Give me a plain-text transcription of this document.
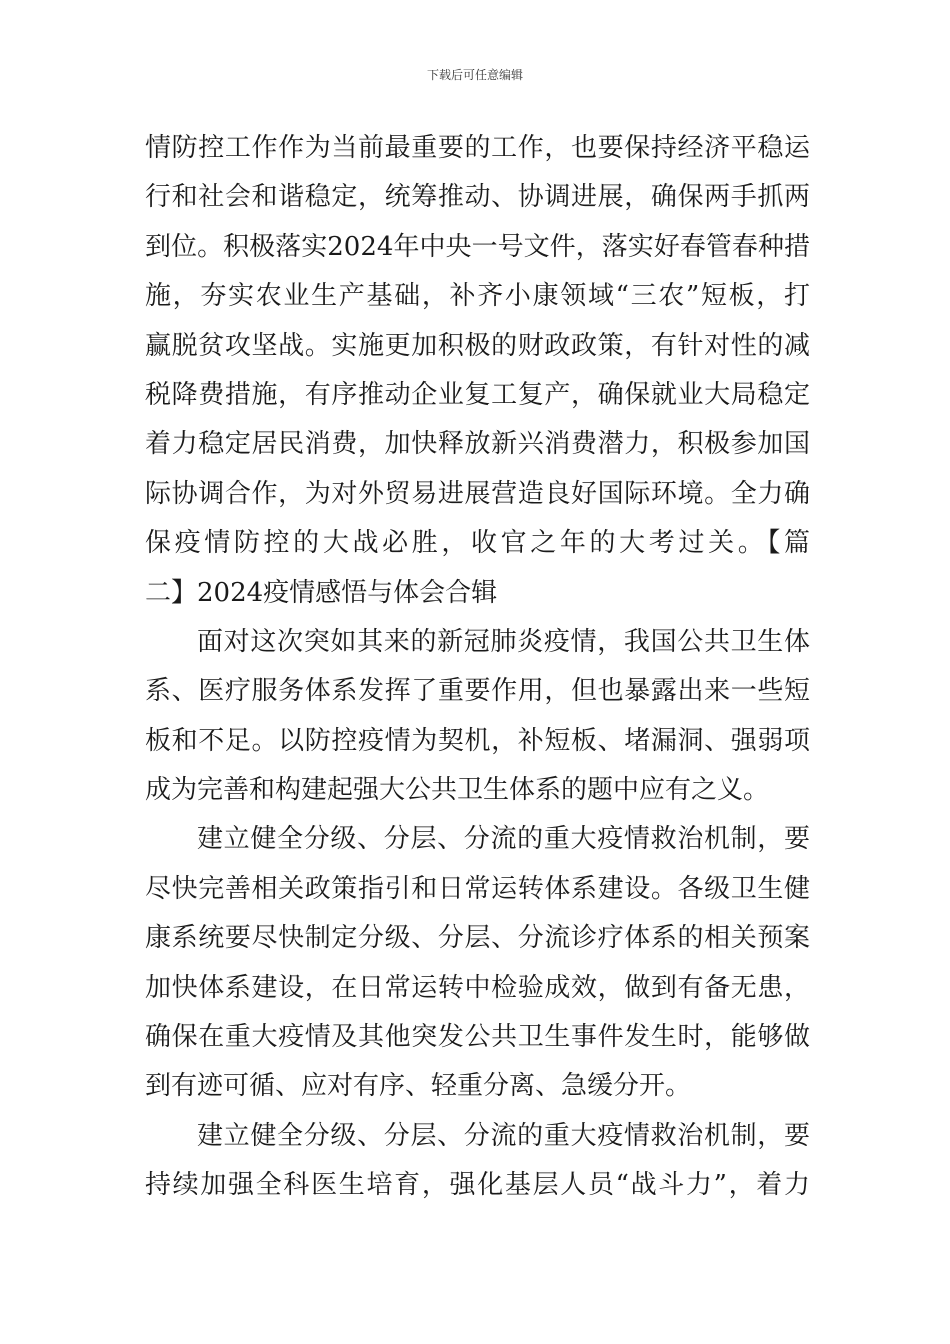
下载后可任意编辑
情防控工作作为当前最重要的工作，也要保持经济平稳运
行和社会和谐稳定，统筹推动、协调进展，确保两手抓两
到位。积极落实2024年中央一号文件，落实好春管春种措
施，夯实农业生产基础，补齐小康领域“三农”短板，打
赢脱贫攻坚战。实施更加积极的财政政策，有针对性的减
税降费措施，有序推动企业复工复产，确保就业大局稳定
着力稳定居民消费，加快释放新兴消费潜力，积极参加国
际协调合作，为对外贸易进展营造良好国际环境。全力确
保疫情防控的大战必胜，收官之年的大考过关。【篇
二】2024疫情感悟与体会合辑
面对这次突如其来的新冠肺炎疫情，我国公共卫生体
系、医疗服务体系发挥了重要作用，但也暴露出来一些短
板和不足。以防控疫情为契机，补短板、堵漏洞、强弱项
成为完善和构建起强大公共卫生体系的题中应有之义。
建立健全分级、分层、分流的重大疫情救治机制，要
尽快完善相关政策指引和日常运转体系建设。各级卫生健
康系统要尽快制定分级、分层、分流诊疗体系的相关预案
加快体系建设，在日常运转中检验成效，做到有备无患，
确保在重大疫情及其他突发公共卫生事件发生时，能够做
到有迹可循、应对有序、轻重分离、急缓分开。
建立健全分级、分层、分流的重大疫情救治机制，要
持续加强全科医生培育，强化基层人员“战斗力”，着力
